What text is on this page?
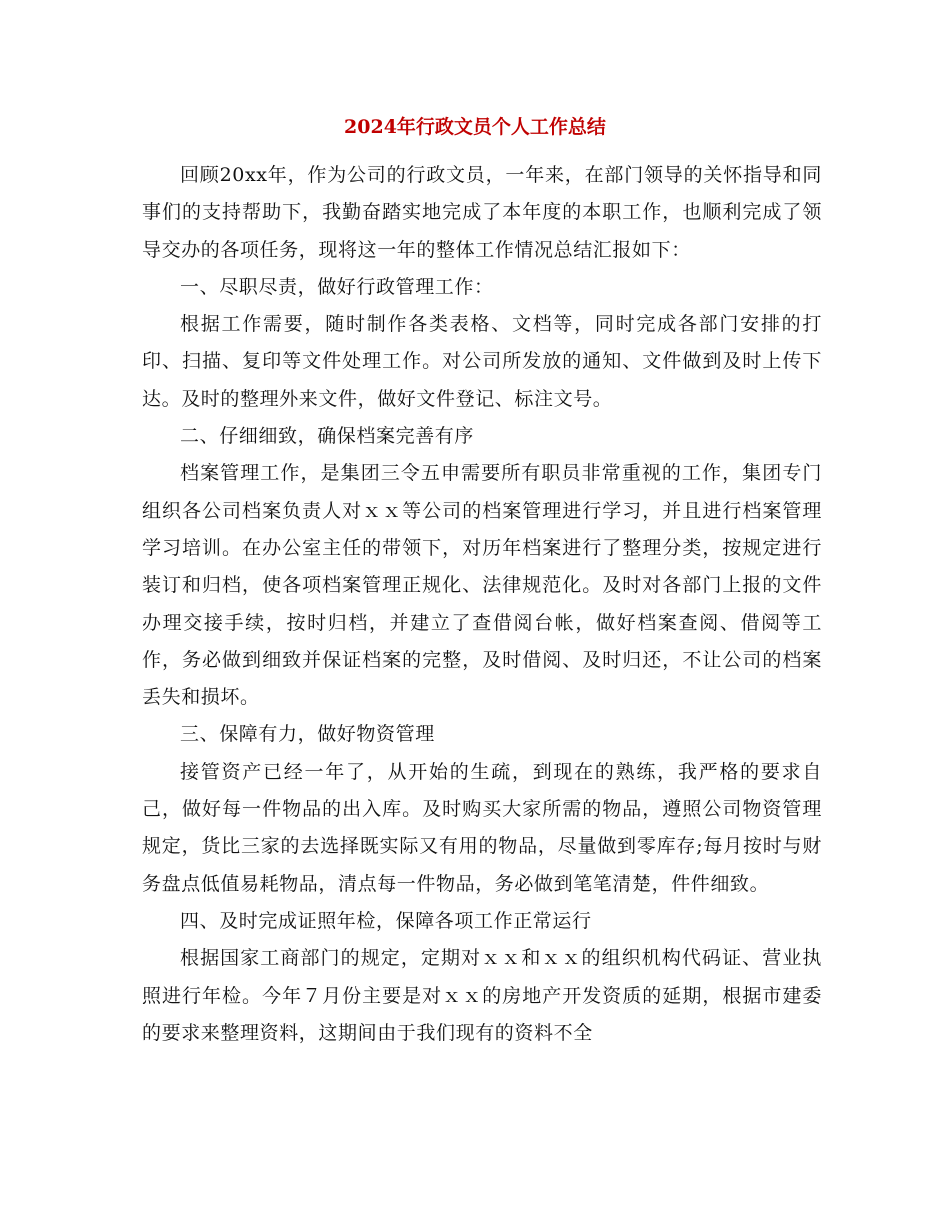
2024年行政文员个人工作总结

回顾20xx年，作为公司的行政文员，一年来，在部门领导的关怀指导和同事们的支持帮助下，我勤奋踏实地完成了本年度的本职工作，也顺利完成了领导交办的各项任务，现将这一年的整体工作情况总结汇报如下：

一、尽职尽责，做好行政管理工作：

根据工作需要，随时制作各类表格、文档等，同时完成各部门安排的打印、扫描、复印等文件处理工作。对公司所发放的通知、文件做到及时上传下达。及时的整理外来文件，做好文件登记、标注文号。

二、仔细细致，确保档案完善有序

档案管理工作，是集团三令五申需要所有职员非常重视的工作，集团专门组织各公司档案负责人对ｘｘ等公司的档案管理进行学习，并且进行档案管理学习培训。在办公室主任的带领下，对历年档案进行了整理分类，按规定进行装订和归档，使各项档案管理正规化、法律规范化。及时对各部门上报的文件办理交接手续，按时归档，并建立了查借阅台帐，做好档案查阅、借阅等工作，务必做到细致并保证档案的完整，及时借阅、及时归还，不让公司的档案丢失和损坏。

三、保障有力，做好物资管理

接管资产已经一年了，从开始的生疏，到现在的熟练，我严格的要求自己，做好每一件物品的出入库。及时购买大家所需的物品，遵照公司物资管理规定，货比三家的去选择既实际又有用的物品，尽量做到零库存;每月按时与财务盘点低值易耗物品，清点每一件物品，务必做到笔笔清楚，件件细致。

四、及时完成证照年检，保障各项工作正常运行

根据国家工商部门的规定，定期对ｘｘ和ｘｘ的组织机构代码证、营业执照进行年检。今年７月份主要是对ｘｘ的房地产开发资质的延期，根据市建委的要求来整理资料，这期间由于我们现有的资料不全
